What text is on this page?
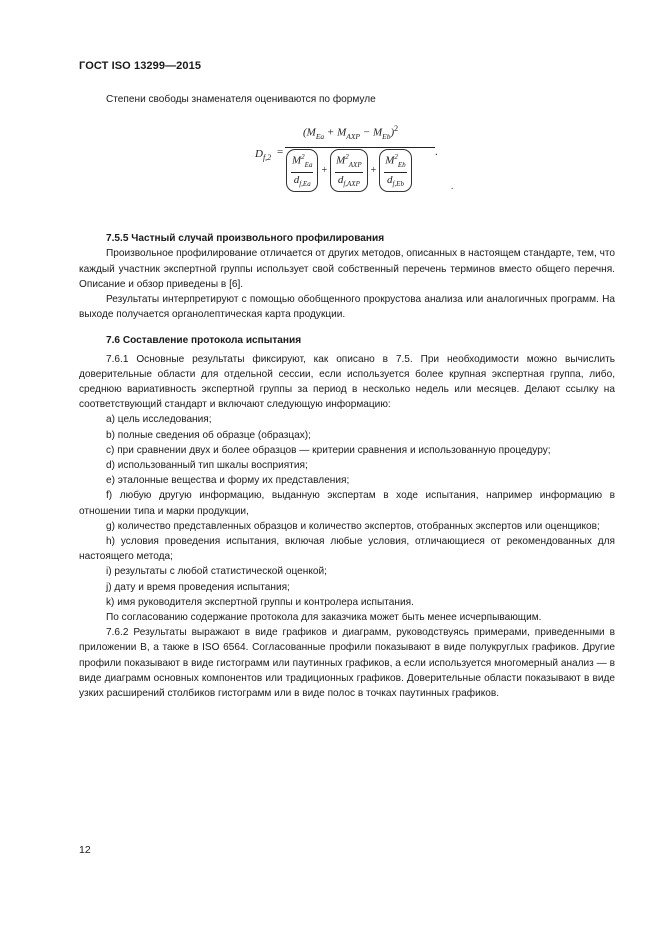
ГОСТ ISO 13299—2015

Степени свободы знаменателя оцениваются по формуле

$D_{f,2}$ =
$(M_{Ea} + M_{AXP} - M_{Eb})^2$
$\frac{M^2_{Ea}}{d_{f,Ea}} + \frac{M^2_{AXP}}{d_{f,AXP}} + \frac{M^2_{Eb}}{d_{f,Eb}}$	.
.

7.5.5 Частный случай произвольного профилирования

Произвольное профилирование отличается от других методов, описанных в настоящем стандарте, тем, что каждый участник экспертной группы использует свой собственный перечень терминов вместо общего перечня. Описание и обзор приведены в [6].

Результаты интерпретируют с помощью обобщенного прокрустова анализа или аналогичных программ. На выходе получается органолептическая карта продукции.

7.6 Составление протокола испытания

7.6.1 Основные результаты фиксируют, как описано в 7.5. При необходимости можно вычислить доверительные области для отдельной сессии, если используется более крупная экспертная группа, либо, среднюю вариативность экспертной группы за период в несколько недель или месяцев. Делают ссылку на соответствующий стандарт и включают следующую информацию:

a) цель исследования;

b) полные сведения об образце (образцах);

c) при сравнении двух и более образцов — критерии сравнения и использованную процедуру;

d) использованный тип шкалы восприятия;

e) эталонные вещества и форму их представления;

f) любую другую информацию, выданную экспертам в ходе испытания, например информацию в отношении типа и марки продукции,

g) количество представленных образцов и количество экспертов, отобранных экспертов или оценщиков;

h) условия проведения испытания, включая любые условия, отличающиеся от рекомендованных для настоящего метода;

i) результаты с любой статистической оценкой;

j) дату и время проведения испытания;

k) имя руководителя экспертной группы и контролера испытания.

По согласованию содержание протокола для заказчика может быть менее исчерпывающим.

7.6.2 Результаты выражают в виде графиков и диаграмм, руководствуясь примерами, приведенными в приложении В, а также в ISO 6564. Согласованные профили показывают в виде полукруглых графиков. Другие профили показывают в виде гистограмм или паутинных графиков, а если используется многомерный анализ — в виде диаграмм основных компонентов или традиционных графиков. Доверительные области показывают в виде узких расширений столбиков гистограмм или в виде полос в точках паутинных графиков.

12
